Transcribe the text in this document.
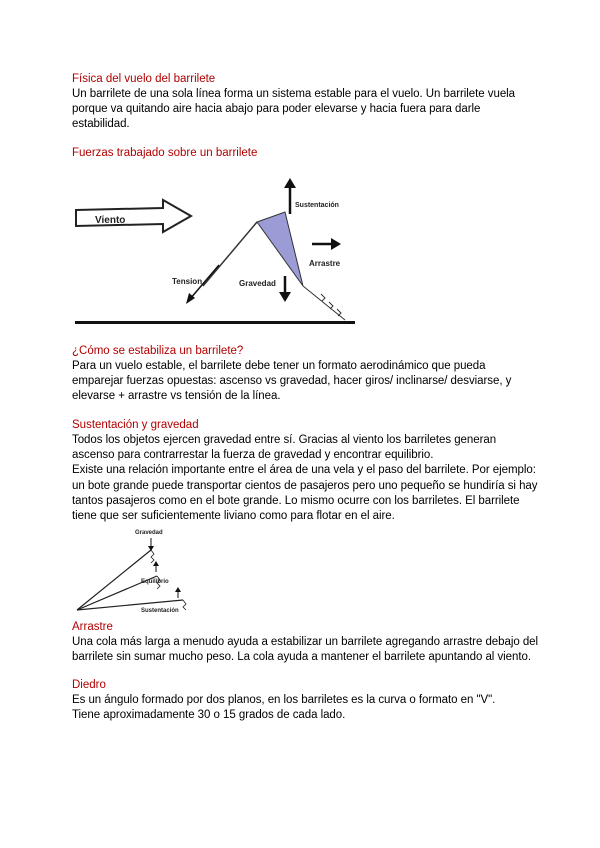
Física del vuelo del barrilete

Un barrilete de una sola línea forma un sistema estable para el vuelo. Un barrilete vuela
porque va quitando aire hacia abajo para poder elevarse y hacia fuera para darle
estabilidad.

Fuerzas trabajado sobre un barrilete
Viento
Tension
Sustentación
Arrastre
Gravedad
¿Cómo se estabiliza un barrilete?

Para un vuelo estable, el barrilete debe tener un formato aerodinámico que pueda
emparejar fuerzas opuestas: ascenso vs gravedad, hacer giros/ inclinarse/ desviarse, y
elevarse + arrastre vs tensión de la línea.

Sustentación y gravedad

Todos los objetos ejercen gravedad entre sí. Gracias al viento los barriletes generan
ascenso para contrarrestar la fuerza de gravedad y encontrar equilibrio.
Existe una relación importante entre el área de una vela y el paso del barrilete. Por ejemplo:
un bote grande puede transportar cientos de pasajeros pero uno pequeño se hundiría si hay
tantos pasajeros como en el bote grande. Lo mismo ocurre con los barriletes. El barrilete
tiene que ser suficientemente liviano como para flotar en el aire.

Gravedad
Equilibrio
Sustentación
Arrastre

Una cola más larga a menudo ayuda a estabilizar un barrilete agregando arrastre debajo del
barrilete sin sumar mucho peso. La cola ayuda a mantener el barrilete apuntando al viento.

Diedro

Es un ángulo formado por dos planos, en los barriletes es la curva o formato en "V".
Tiene aproximadamente 30 o 15 grados de cada lado.
